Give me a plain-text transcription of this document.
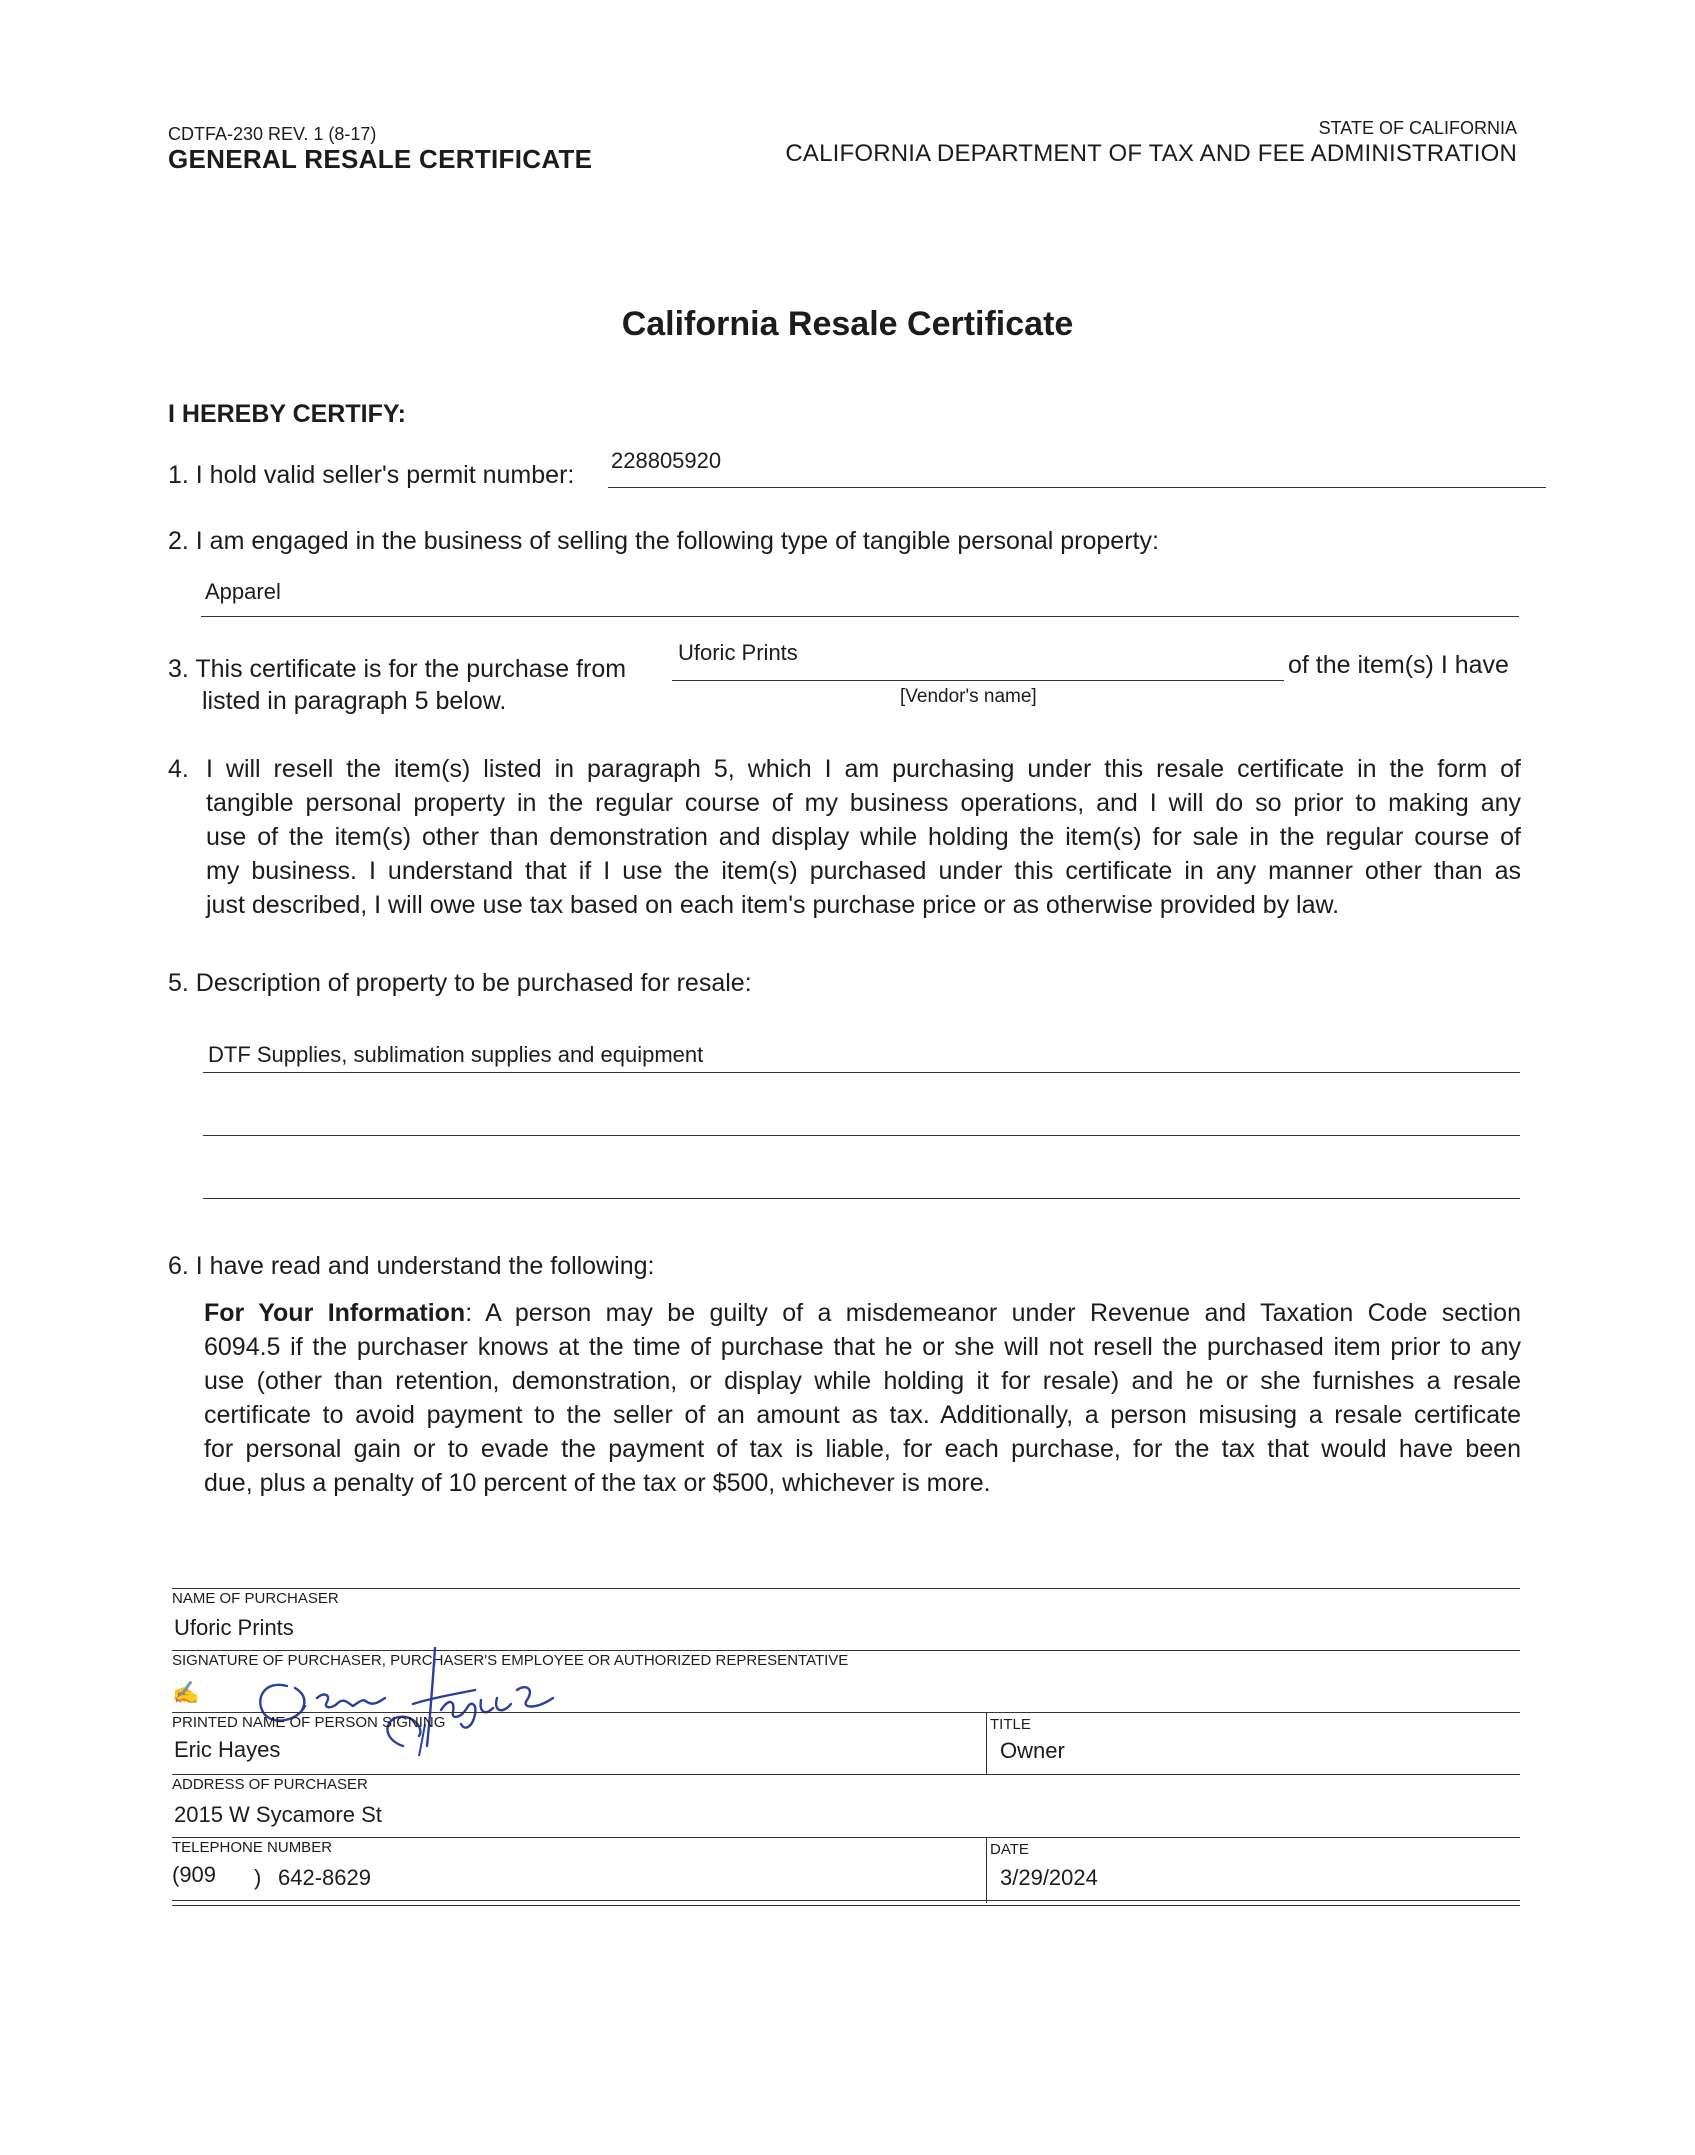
CDTFA-230 REV. 1 (8-17)
GENERAL RESALE CERTIFICATE
STATE OF CALIFORNIA
CALIFORNIA DEPARTMENT OF TAX AND FEE ADMINISTRATION
California Resale Certificate
I HEREBY CERTIFY:
1. I hold valid seller's permit number:
228805920
2. I am engaged in the business of selling the following type of tangible personal property:
Apparel
Uforic Prints
3. This certificate is for the purchase from	of the item(s) I have
listed in paragraph 5 below.	[Vendor's name]
4. I will resell the item(s) listed in paragraph 5, which I am purchasing under this resale certificate in the form of
tangible personal property in the regular course of my business operations, and I will do so prior to making any
use of the item(s) other than demonstration and display while holding the item(s) for sale in the regular course of
my business. I understand that if I use the item(s) purchased under this certificate in any manner other than as
just described, I will owe use tax based on each item's purchase price or as otherwise provided by law.
5. Description of property to be purchased for resale:
DTF Supplies, sublimation supplies and equipment
6. I have read and understand the following:
For Your Information: A person may be guilty of a misdemeanor under Revenue and Taxation Code section
6094.5 if the purchaser knows at the time of purchase that he or she will not resell the purchased item prior to any
use (other than retention, demonstration, or display while holding it for resale) and he or she furnishes a resale
certificate to avoid payment to the seller of an amount as tax. Additionally, a person misusing a resale certificate
for personal gain or to evade the payment of tax is liable, for each purchase, for the tax that would have been
due, plus a penalty of 10 percent of the tax or $500, whichever is more.
NAME OF PURCHASER
Uforic Prints
SIGNATURE OF PURCHASER, PURCHASER'S EMPLOYEE OR AUTHORIZED REPRESENTATIVE
✍
PRINTED NAME OF PERSON SIGNING
Eric Hayes
TITLE
Owner
ADDRESS OF PURCHASER
2015 W Sycamore St
TELEPHONE NUMBER
(909 ) 642-8629
DATE
3/29/2024
